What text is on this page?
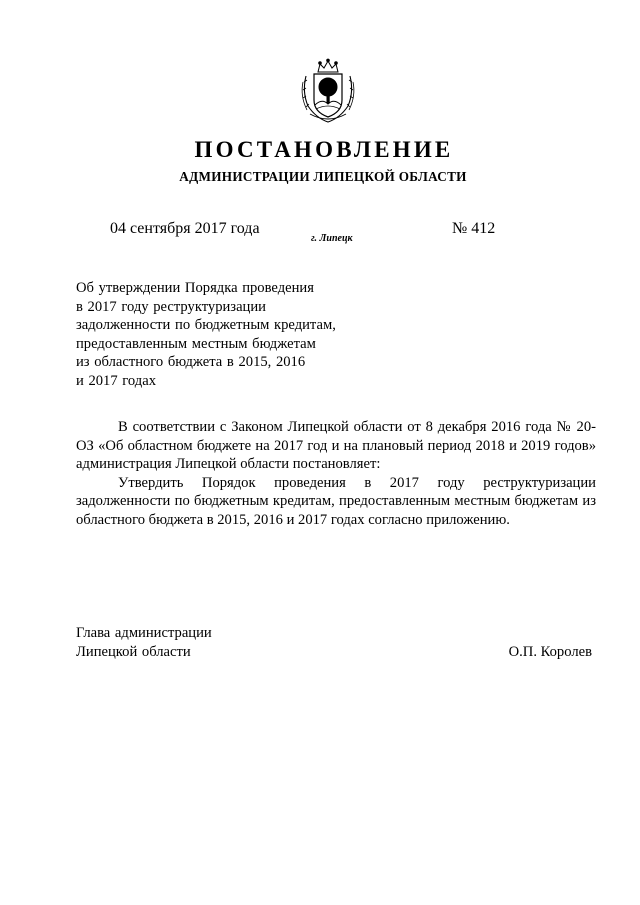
ПОСТАНОВЛЕНИЕ
АДМИНИСТРАЦИИ ЛИПЕЦКОЙ ОБЛАСТИ
04 сентября 2017 года
г. Липецк
№ 412
Об утверждении Порядка проведения
в 2017 году реструктуризации
задолженности по бюджетным кредитам,
предоставленным местным бюджетам
из областного бюджета в 2015, 2016
и 2017 годах

В соответствии с Законом Липецкой области от 8 декабря 2016 года № 20-ОЗ «Об областном бюджете на 2017 год и на плановый период 2018 и 2019 годов» администрация Липецкой области постановляет:

Утвердить Порядок проведения в 2017 году реструктуризации задолженности по бюджетным кредитам, предоставленным местным бюджетам из областного бюджета в 2015, 2016 и 2017 годах согласно приложению.

Глава администрации
Липецкой области	О.П. Королев
